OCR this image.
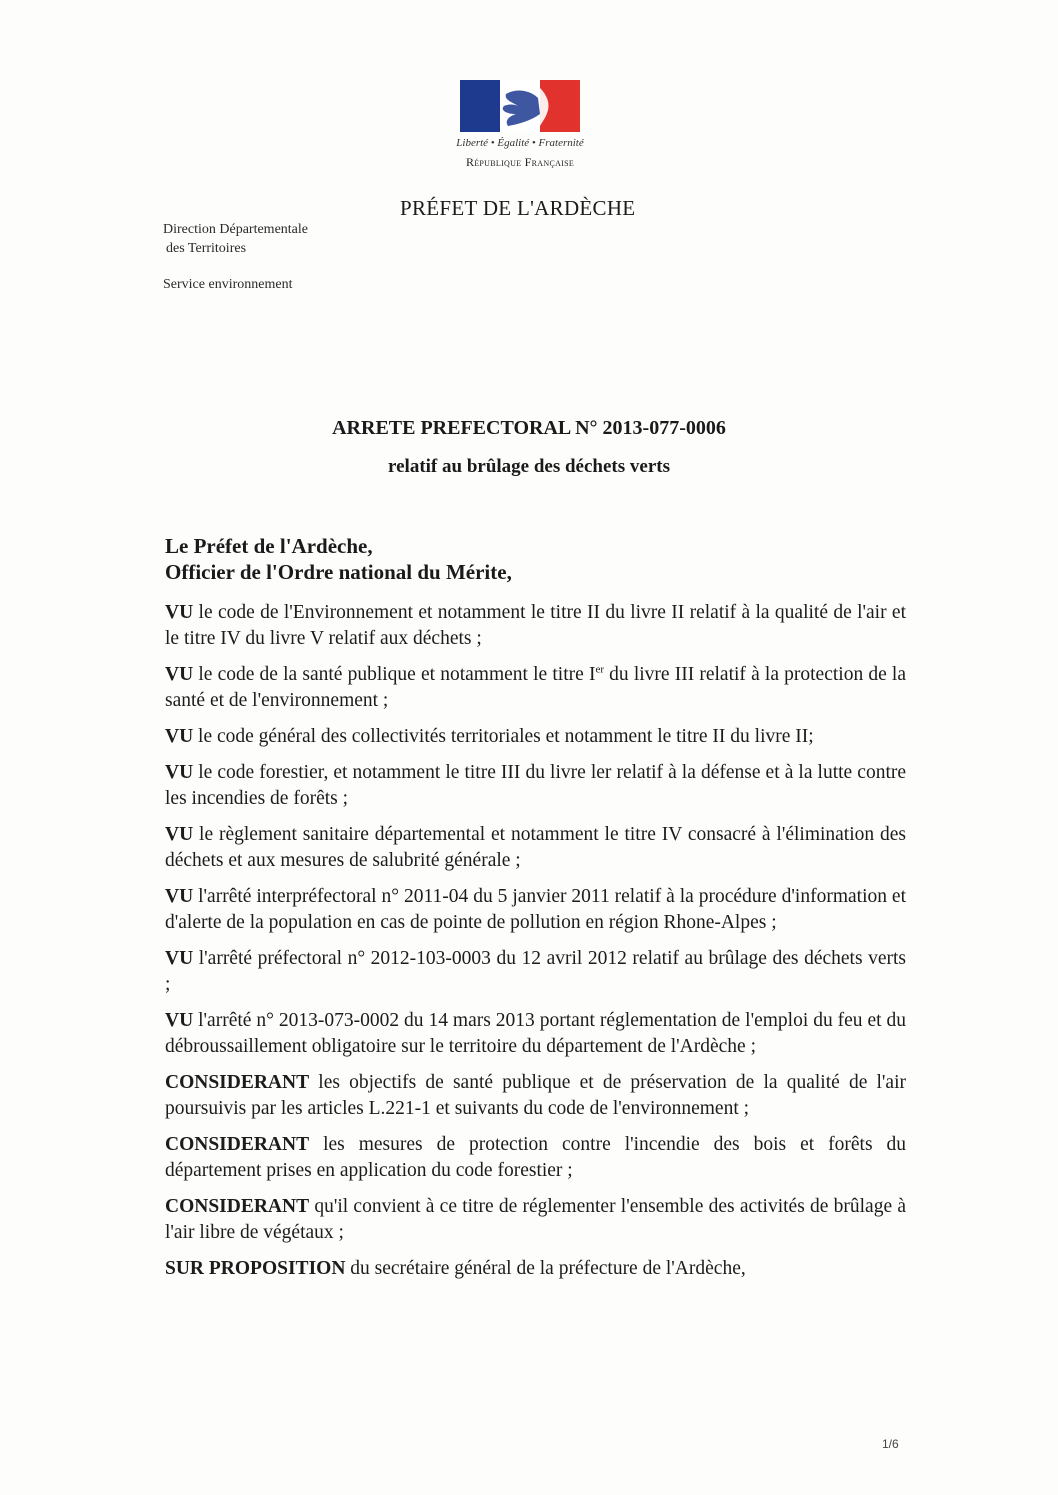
Liberté • Égalité • Fraternité
République Française
PRÉFET DE L'ARDÈCHE
Direction Départementale
des Territoires
Service environnement
ARRETE PREFECTORAL N° 2013-077-0006
relatif au brûlage des déchets verts
Le Préfet de l'Ardèche,
Officier de l'Ordre national du Mérite,

VU le code de l'Environnement et notamment le titre II du livre II relatif à la qualité de l'air et le titre IV du livre V relatif aux déchets ;

VU le code de la santé publique et notamment le titre Ier du livre III relatif à la protection de la santé et de l'environnement ;

VU le code général des collectivités territoriales et notamment le titre II du livre II;

VU le code forestier, et notamment le titre III du livre ler relatif à la défense et à la lutte contre les incendies de forêts ;

VU le règlement sanitaire départemental et notamment le titre IV consacré à l'élimination des déchets et aux mesures de salubrité générale ;

VU l'arrêté interpréfectoral n° 2011-04 du 5 janvier 2011 relatif à la procédure d'information et d'alerte de la population en cas de pointe de pollution en région Rhone-Alpes ;

VU l'arrêté préfectoral n° 2012-103-0003 du 12 avril 2012 relatif au brûlage des déchets verts ;

VU l'arrêté n° 2013-073-0002 du 14 mars 2013 portant réglementation de l'emploi du feu et du débroussaillement obligatoire sur le territoire du département de l'Ardèche ;

CONSIDERANT les objectifs de santé publique et de préservation de la qualité de l'air poursuivis par les articles L.221-1 et suivants du code de l'environnement ;

CONSIDERANT les mesures de protection contre l'incendie des bois et forêts du département prises en application du code forestier ;

CONSIDERANT qu'il convient à ce titre de réglementer l'ensemble des activités de brûlage à l'air libre de végétaux ;

SUR PROPOSITION du secrétaire général de la préfecture de l'Ardèche,

1/6
